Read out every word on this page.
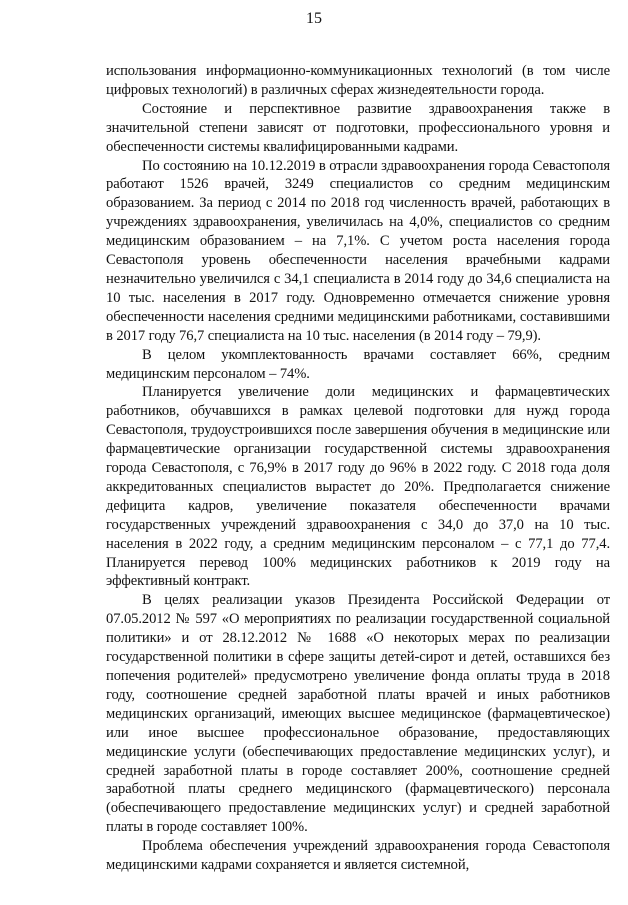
15

использования информационно-коммуникационных технологий (в том числе цифровых технологий) в различных сферах жизнедеятельности города.

Состояние и перспективное развитие здравоохранения также в значительной степени зависят от подготовки, профессионального уровня и обеспеченности системы квалифицированными кадрами.

По состоянию на 10.12.2019 в отрасли здравоохранения города Севастополя работают 1526 врачей, 3249 специалистов со средним медицинским образованием. За период с 2014 по 2018 год численность врачей, работающих в учреждениях здравоохранения, увеличилась на 4,0%, специалистов со средним медицинским образованием – на 7,1%. С учетом роста населения города Севастополя уровень обеспеченности населения врачебными кадрами незначительно увеличился с 34,1 специалиста в 2014 году до 34,6 специалиста на 10 тыс. населения в 2017 году. Одновременно отмечается снижение уровня обеспеченности населения средними медицинскими работниками, составившими в 2017 году 76,7 специалиста на 10 тыс. населения (в 2014 году – 79,9).

В целом укомплектованность врачами составляет 66%, средним медицинским персоналом – 74%.

Планируется увеличение доли медицинских и фармацевтических работников, обучавшихся в рамках целевой подготовки для нужд города Севастополя, трудоустроившихся после завершения обучения в медицинские или фармацевтические организации государственной системы здравоохранения города Севастополя, с 76,9% в 2017 году до 96% в 2022 году. С 2018 года доля аккредитованных специалистов вырастет до 20%. Предполагается снижение дефицита кадров, увеличение показателя обеспеченности врачами государственных учреждений здравоохранения с 34,0 до 37,0 на 10 тыс. населения в 2022 году, а средним медицинским персоналом – с 77,1 до 77,4. Планируется перевод 100% медицинских работников к 2019 году на эффективный контракт.

В целях реализации указов Президента Российской Федерации от 07.05.2012 № 597 «О мероприятиях по реализации государственной социальной политики» и от 28.12.2012 № 1688 «О некоторых мерах по реализации государственной политики в сфере защиты детей-сирот и детей, оставшихся без попечения родителей» предусмотрено увеличение фонда оплаты труда в 2018 году, соотношение средней заработной платы врачей и иных работников медицинских организаций, имеющих высшее медицинское (фармацевтическое) или иное высшее профессиональное образование, предоставляющих медицинские услуги (обеспечивающих предоставление медицинских услуг), и средней заработной платы в городе составляет 200%, соотношение средней заработной платы среднего медицинского (фармацевтического) персонала (обеспечивающего предоставление медицинских услуг) и средней заработной платы в городе составляет 100%.

Проблема обеспечения учреждений здравоохранения города Севастополя медицинскими кадрами сохраняется и является системной,
